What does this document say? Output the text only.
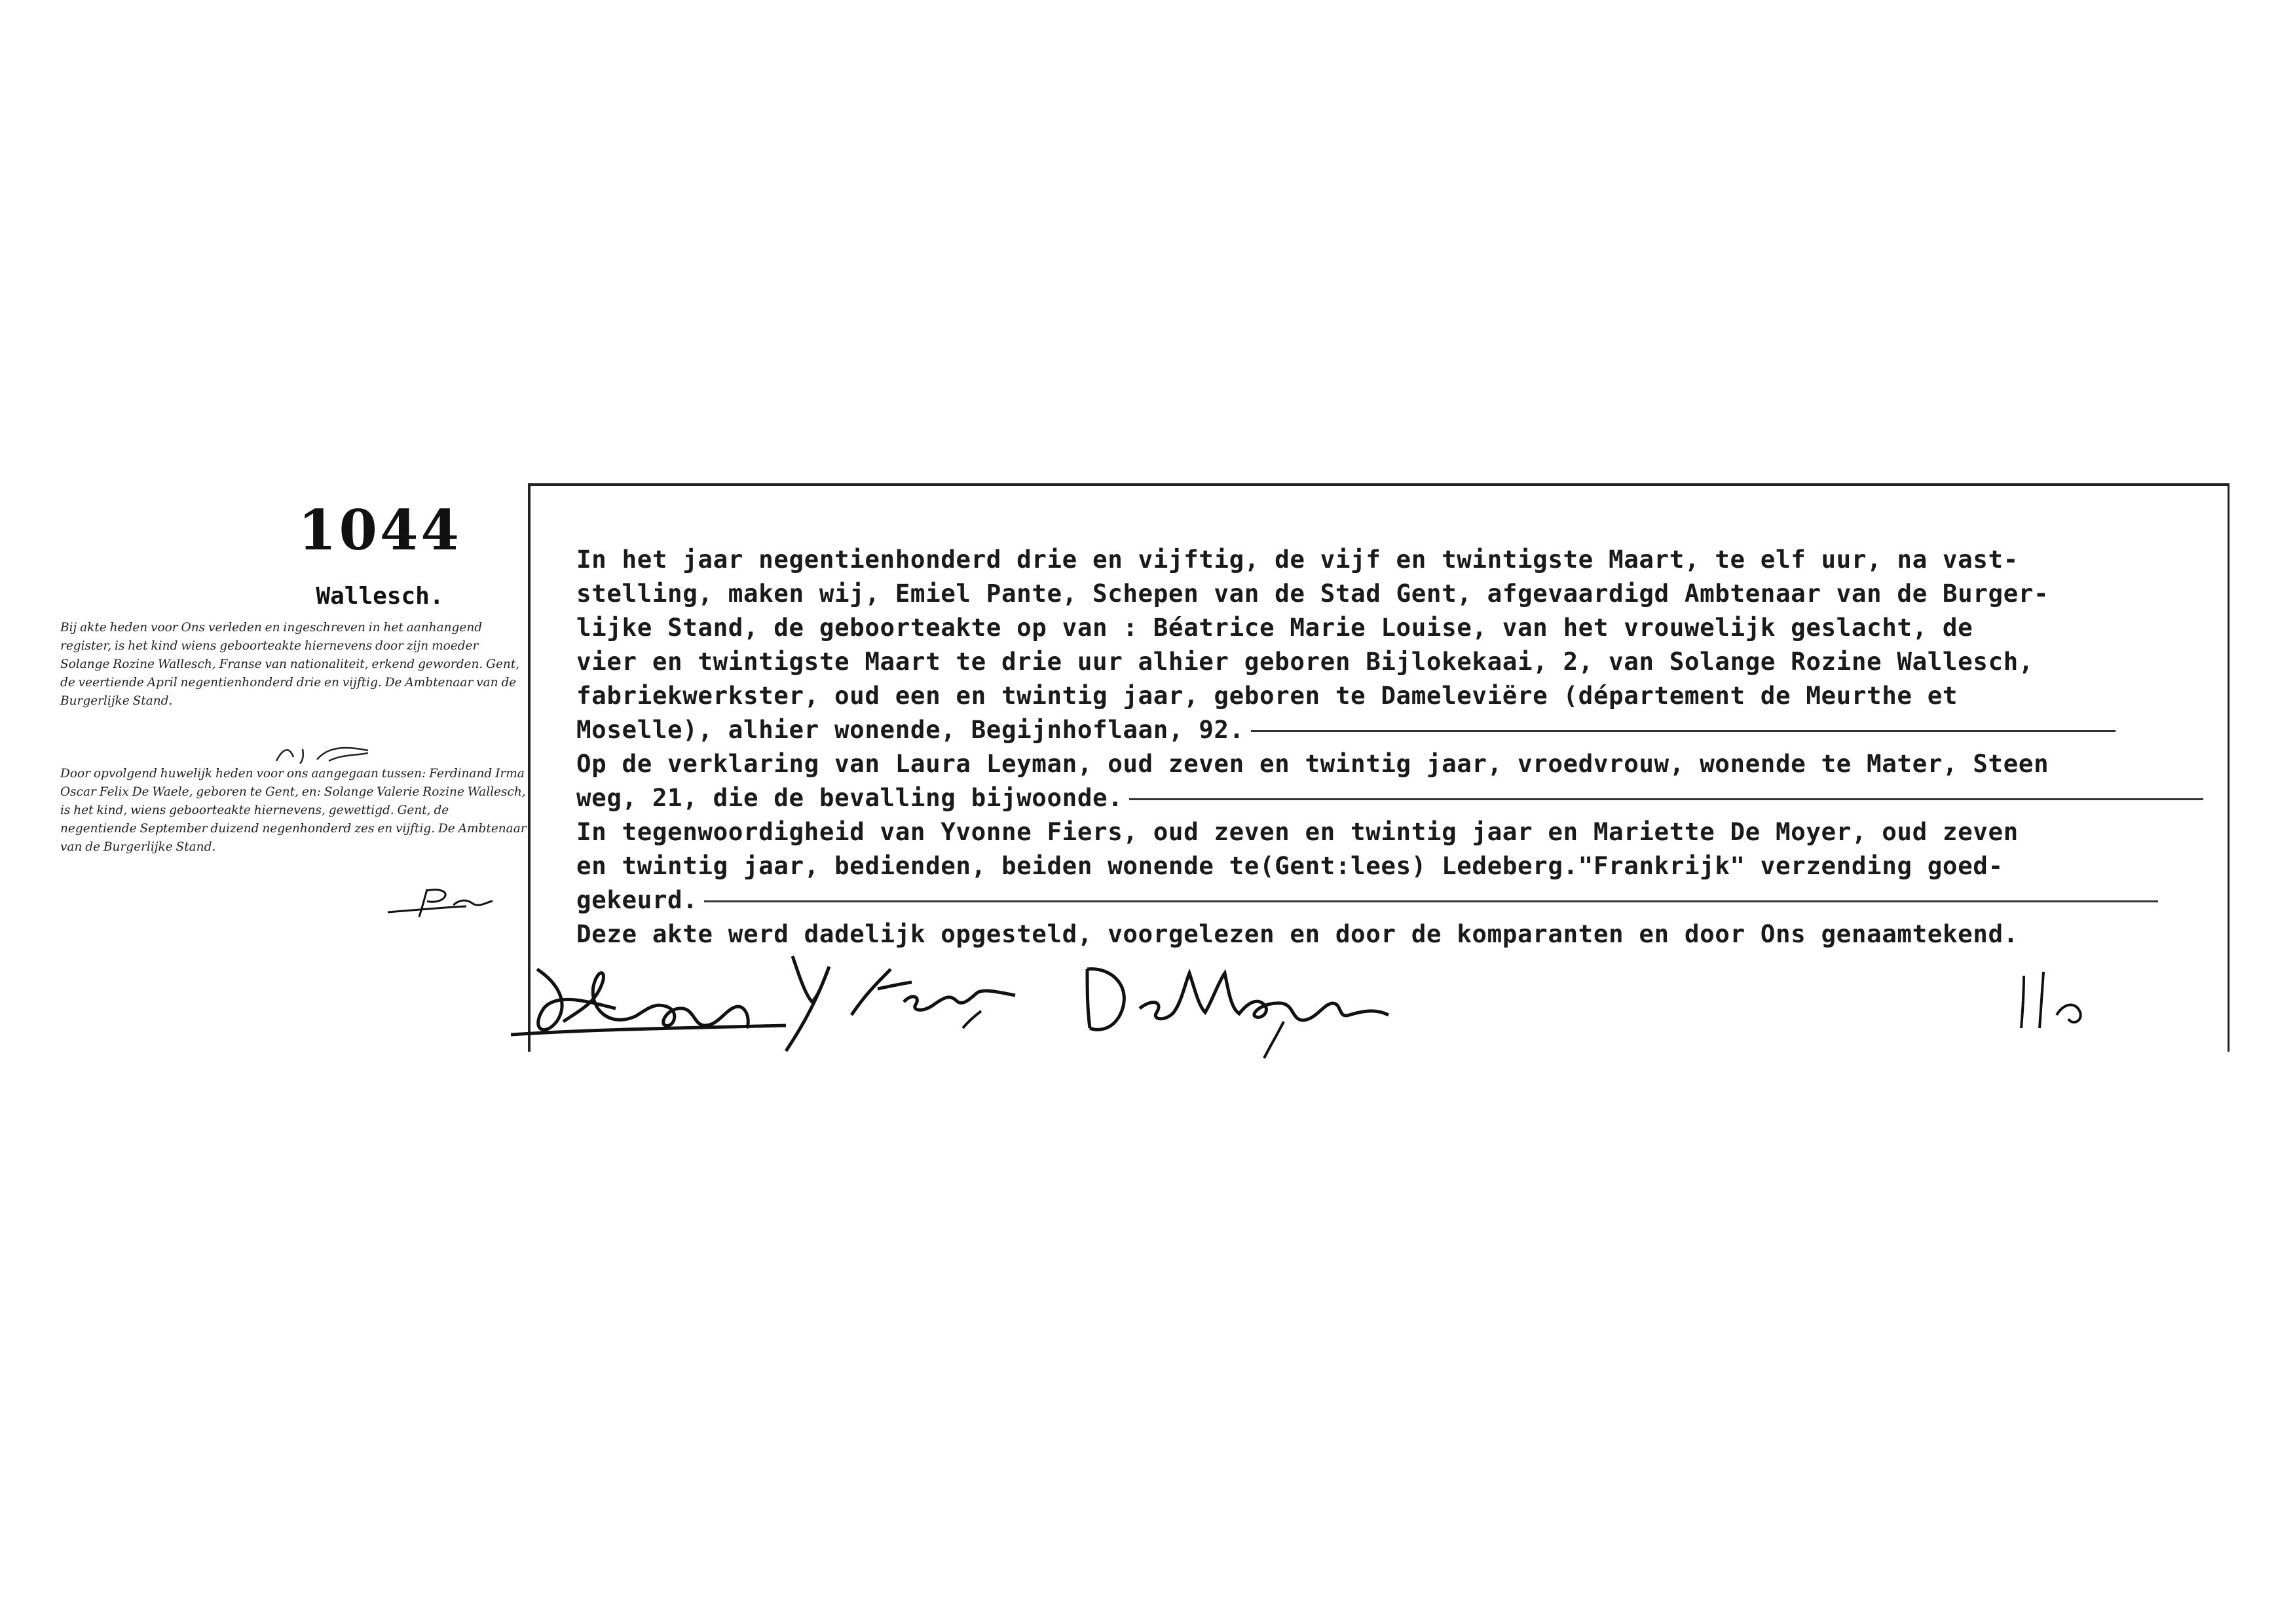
1044
Wallesch.
Bij akte heden voor Ons verleden en ingeschreven in het aanhangend register, is het kind wiens geboorteakte hiernevens door zijn moeder Solange Rozine Wallesch, Franse van nationaliteit, erkend geworden. Gent, de veertiende April negentienhonderd drie en vijftig. De Ambtenaar van de Burgerlijke Stand.
Door opvolgend huwelijk heden voor ons aangegaan tussen: Ferdinand Irma Oscar Felix De Waele, geboren te Gent, en: Solange Valerie Rozine Wallesch, is het kind, wiens geboorteakte hiernevens, gewettigd. Gent, de negentiende September duizend negenhonderd zes en vijftig. De Ambtenaar van de Burgerlijke Stand.
In het jaar negentienhonderd drie en vijftig, de vijf en twintigste Maart, te elf uur, na vast-
stelling, maken wij, Emiel Pante, Schepen van de Stad Gent, afgevaardigd Ambtenaar van de Burger-
lijke Stand, de geboorteakte op van : Béatrice Marie Louise, van het vrouwelijk geslacht, de
vier en twintigste Maart te drie uur alhier geboren Bijlokekaai, 2, van Solange Rozine Wallesch,
fabriekwerkster, oud een en twintig jaar, geboren te Dameleviëre (département de Meurthe et
Moselle), alhier wonende, Begijnhoflaan, 92.
Op de verklaring van Laura Leyman, oud zeven en twintig jaar, vroedvrouw, wonende te Mater, Steen
weg, 21, die de bevalling bijwoonde.
In tegenwoordigheid van Yvonne Fiers, oud zeven en twintig jaar en Mariette De Moyer, oud zeven
en twintig jaar, bedienden, beiden wonende te(Gent:lees) Ledeberg."Frankrijk" verzending goed-
gekeurd.
Deze akte werd dadelijk opgesteld, voorgelezen en door de komparanten en door Ons genaamtekend.
